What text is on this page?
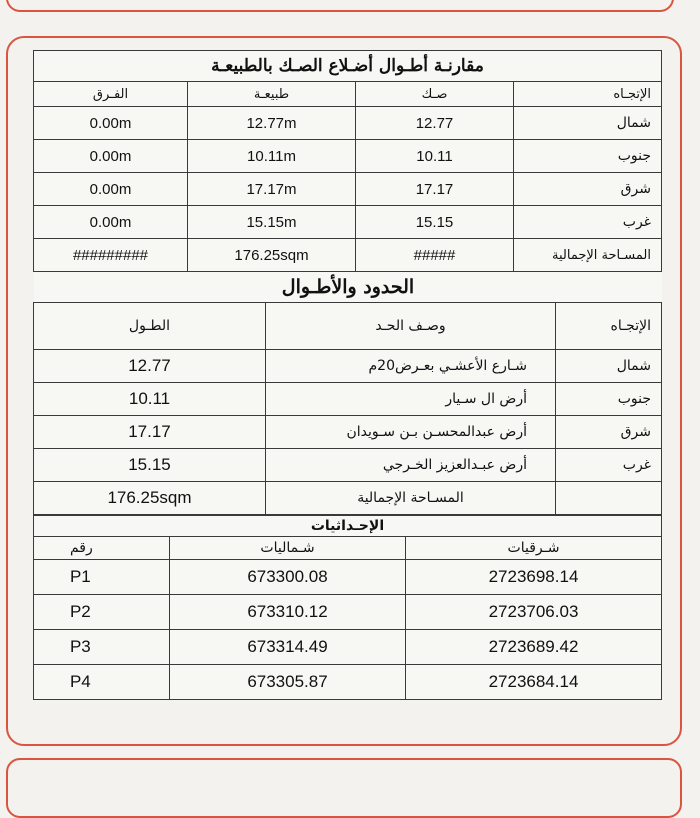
مقارنـة أطـوال أضـلاع الصـك بالطبيعـة			
الإتجـاه	صـك	طبيعـة	الفـرق
شمال	12.77	12.77m	0.00m
جنوب	10.11	10.11m	0.00m
شرق	17.17	17.17m	0.00m
غرب	15.15	15.15m	0.00m
المسـاحة الإجمالية	#####	176.25sqm	#########
الحدود والأطـوال
الإتجـاه	وصـف الحـد	الطـول
شمال	شـارع الأعشـي بعـرض20م	12.77
جنوب	أرض ال سـيار	10.11
شرق	أرض عبدالمحسـن بـن سـويدان	17.17
غرب	أرض عبـدالعزيز الخـرجي	15.15
	المسـاحة الإجمالية	176.25sqm
الإحـداثيات		
شـرقيات	شـماليات	رقم
2723698.14	673300.08	P1
2723706.03	673310.12	P2
2723689.42	673314.49	P3
2723684.14	673305.87	P4
